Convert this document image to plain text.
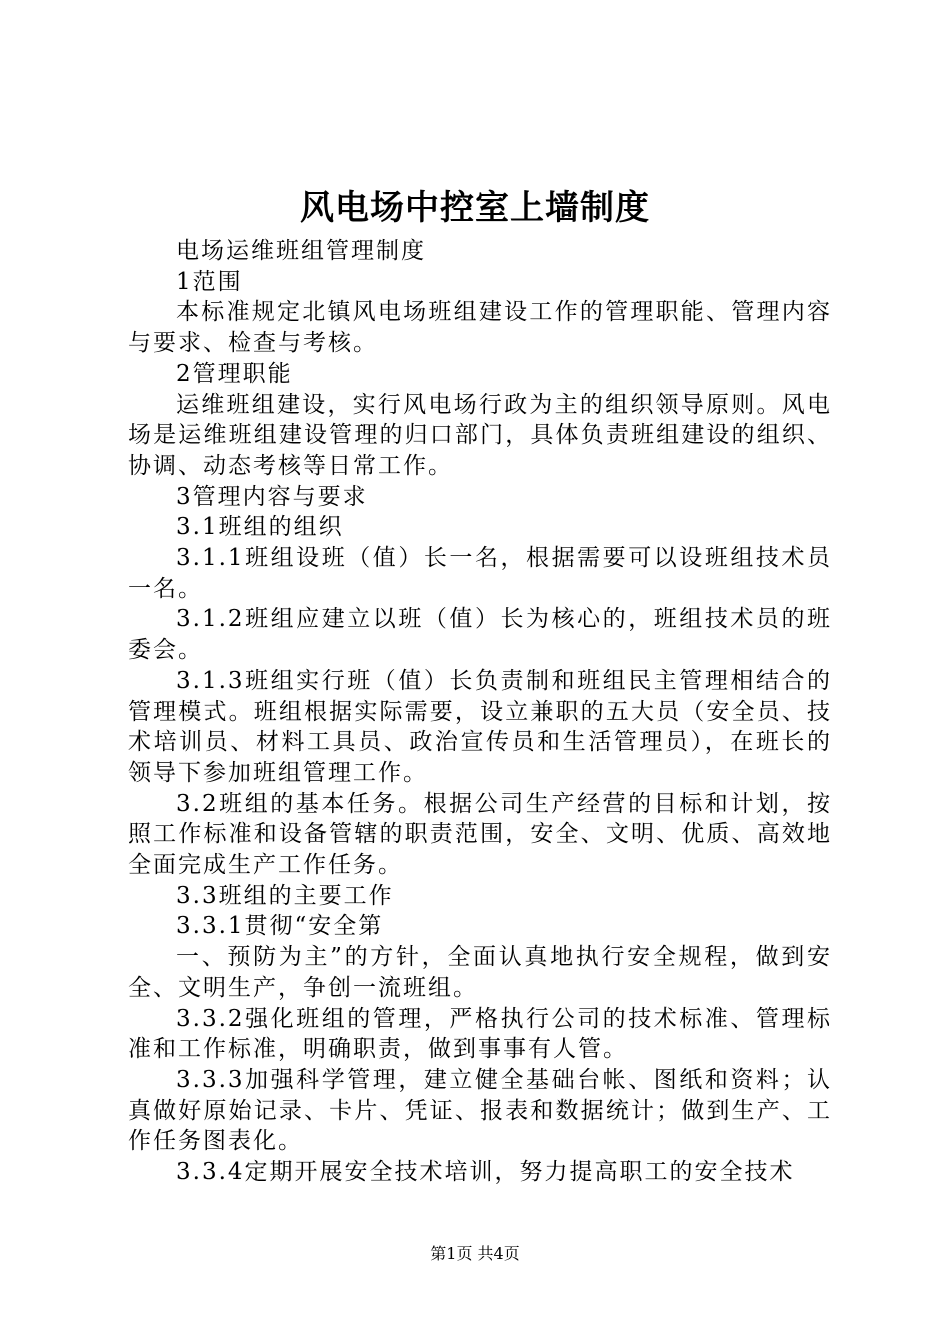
风电场中控室上墙制度

电场运维班组管理制度

1范围

本标准规定北镇风电场班组建设工作的管理职能、管理内容与要求、检查与考核。

2管理职能

运维班组建设，实行风电场行政为主的组织领导原则。风电场是运维班组建设管理的归口部门，具体负责班组建设的组织、协调、动态考核等日常工作。

3管理内容与要求

3.1班组的组织

3.1.1班组设班（值）长一名，根据需要可以设班组技术员一名。

3.1.2班组应建立以班（值）长为核心的，班组技术员的班委会。

3.1.3班组实行班（值）长负责制和班组民主管理相结合的管理模式。班组根据实际需要，设立兼职的五大员（安全员、技术培训员、材料工具员、政治宣传员和生活管理员），在班长的领导下参加班组管理工作。

3.2班组的基本任务。根据公司生产经营的目标和计划，按照工作标准和设备管辖的职责范围，安全、文明、优质、高效地全面完成生产工作任务。

3.3班组的主要工作

3.3.1贯彻“安全第

一、预防为主”的方针，全面认真地执行安全规程，做到安全、文明生产，争创一流班组。

3.3.2强化班组的管理，严格执行公司的技术标准、管理标准和工作标准，明确职责，做到事事有人管。

3.3.3加强科学管理，建立健全基础台帐、图纸和资料；认真做好原始记录、卡片、凭证、报表和数据统计；做到生产、工作任务图表化。

3.3.4定期开展安全技术培训，努力提高职工的安全技术

第1页 共4页
